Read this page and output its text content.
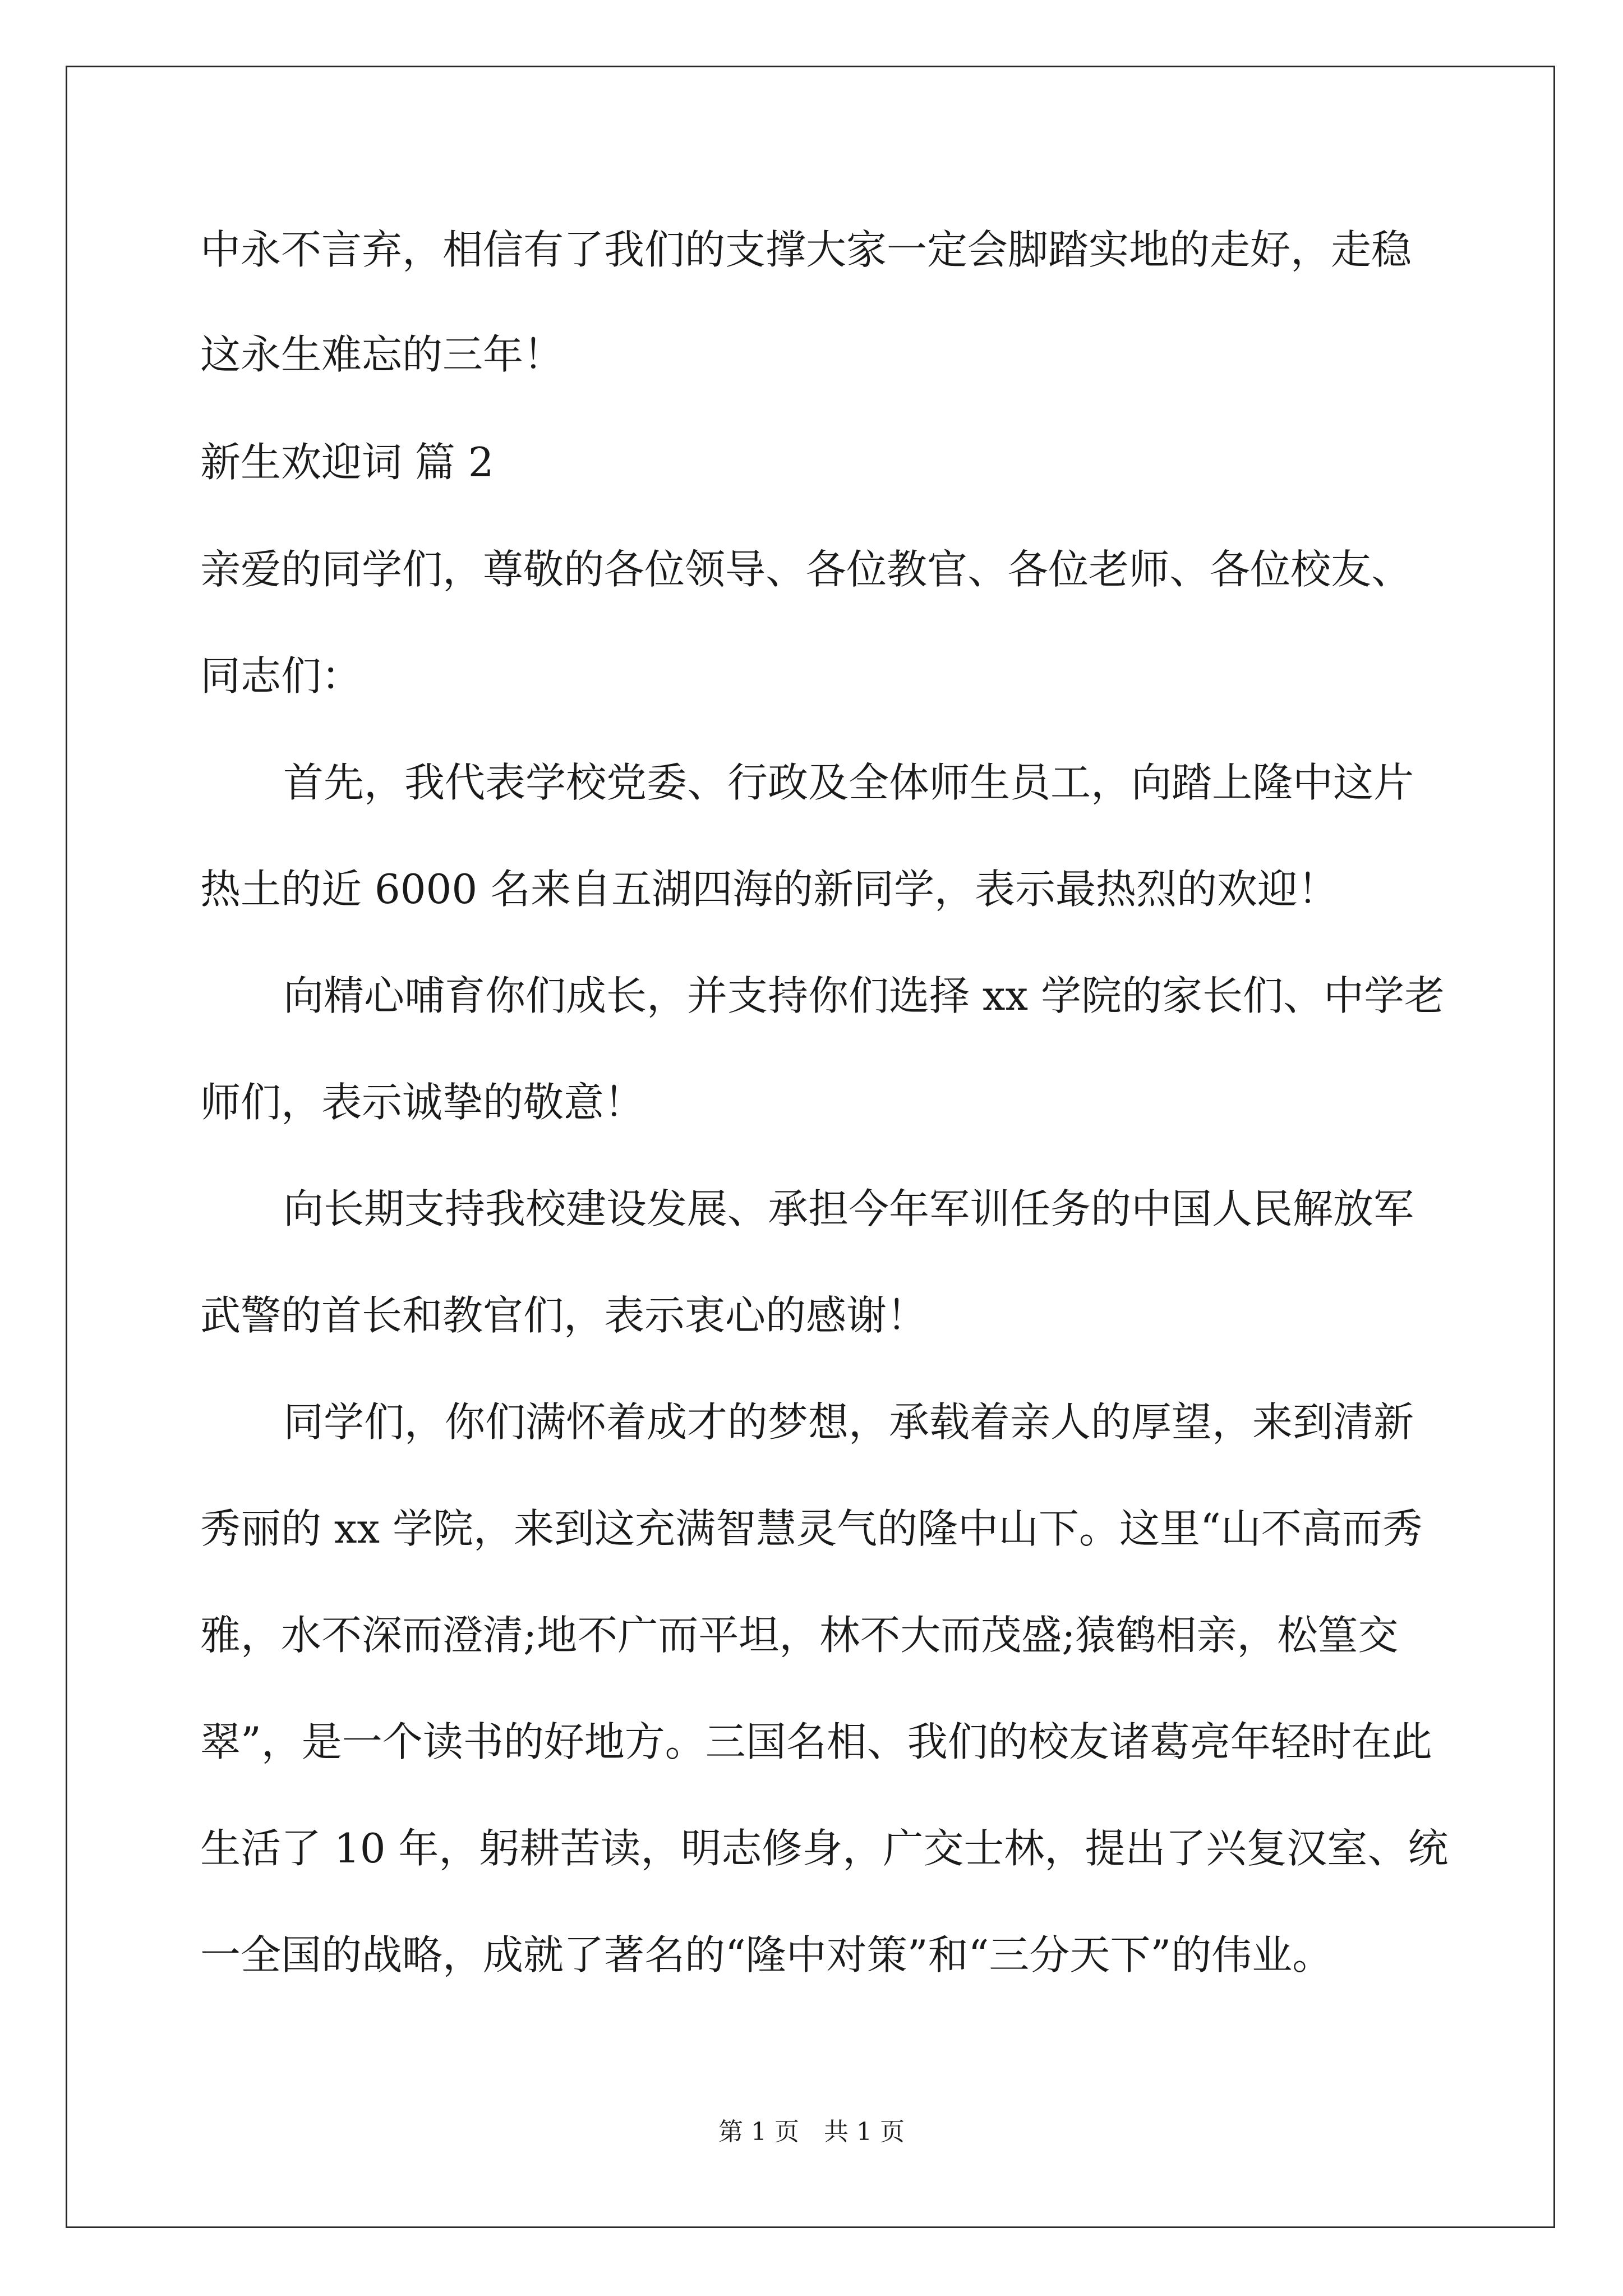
中永不言弃，相信有了我们的支撑大家一定会脚踏实地的走好，走稳
这永生难忘的三年！
新生欢迎词 篇 2
亲爱的同学们，尊敬的各位领导、各位教官、各位老师、各位校友、
同志们：
首先，我代表学校党委、行政及全体师生员工，向踏上隆中这片
热土的近 6000 名来自五湖四海的新同学，表示最热烈的欢迎！
向精心哺育你们成长，并支持你们选择 xx 学院的家长们、中学老
师们，表示诚挚的敬意！
向长期支持我校建设发展、承担今年军训任务的中国人民解放军
武警的首长和教官们，表示衷心的感谢！
同学们，你们满怀着成才的梦想，承载着亲人的厚望，来到清新
秀丽的 xx 学院，来到这充满智慧灵气的隆中山下。这里“山不高而秀
雅，水不深而澄清;地不广而平坦，林不大而茂盛;猿鹤相亲，松篁交
翠”，是一个读书的好地方。三国名相、我们的校友诸葛亮年轻时在此
生活了 10 年，躬耕苦读，明志修身，广交士林，提出了兴复汉室、统
一全国的战略，成就了著名的“隆中对策”和“三分天下”的伟业。
第 1 页　共 1 页
